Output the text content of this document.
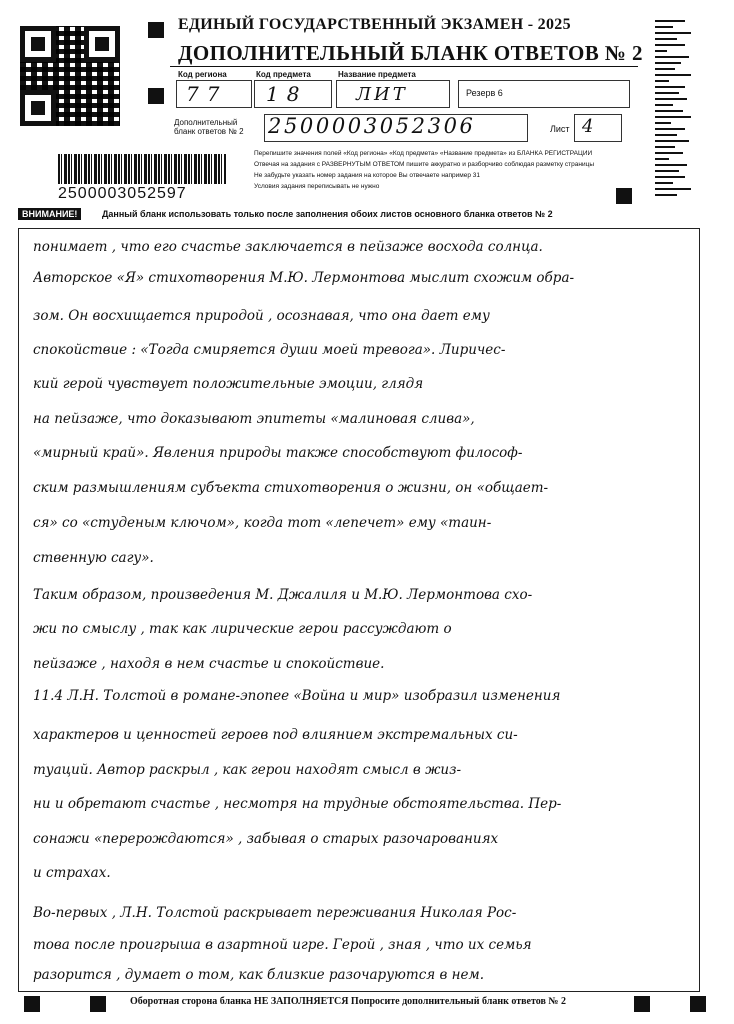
ЕДИНЫЙ ГОСУДАРСТВЕННЫЙ ЭКЗАМЕН - 2025
ДОПОЛНИТЕЛЬНЫЙ БЛАНК ОТВЕТОВ № 2
Код региона
77
Код предмета
18
Название предмета
ЛИТ	Резерв 6
Дополнительный
бланк ответов № 2 2500003052306	Лист 4
Перепишите значения полей «Код региона» «Код предмета» «Название предмета» из БЛАНКА РЕГИСТРАЦИИ
Отвечая на задания с РАЗВЕРНУТЫМ ОТВЕТОМ пишите аккуратно и разборчиво соблюдая разметку страницы
Не забудьте указать номер задания на которое Вы отвечаете например 31
Условия задания переписывать не нужно
2500003052597
ВНИМАНИЕ!	Данный бланк использовать только после заполнения обоих листов основного бланка ответов № 2
понимает , что его счастье заключается в пейзаже восхода солнца.
Авторское «Я» стихотворения М.Ю. Лермонтова мыслит схожим обра-
зом. Он восхищается природой , осознавая, что она дает ему
спокойствие : «Тогда смиряется души моей тревога». Лиричес-
кий герой чувствует положительные эмоции, глядя
на пейзаже, что доказывают эпитеты «малиновая слива»,
«мирный край». Явления природы также способствуют философ-
ским размышлениям субъекта стихотворения о жизни, он «общает-
ся» со «студеным ключом», когда тот «лепечет» ему «таин-
ственную сагу».
Таким образом, произведения М. Джалиля и М.Ю. Лермонтова схо-
жи по смыслу , так как лирические герои рассуждают о
пейзаже , находя в нем счастье и спокойствие.
11.4 Л.Н. Толстой в романе-эпопее «Война и мир» изобразил изменения
характеров и ценностей героев под влиянием экстремальных си-
туаций. Автор раскрыл , как герои находят смысл в жиз-
ни и обретают счастье , несмотря на трудные обстоятельства. Пер-
сонажи «перерождаются» , забывая о старых разочарованиях
и страхах.
Во-первых , Л.Н. Толстой раскрывает переживания Николая Рос-
това после проигрыша в азартной игре. Герой , зная , что их семья
разорится , думает о том, как близкие разочаруются в нем.
Оборотная сторона бланка НЕ ЗАПОЛНЯЕТСЯ Попросите дополнительный бланк ответов № 2
